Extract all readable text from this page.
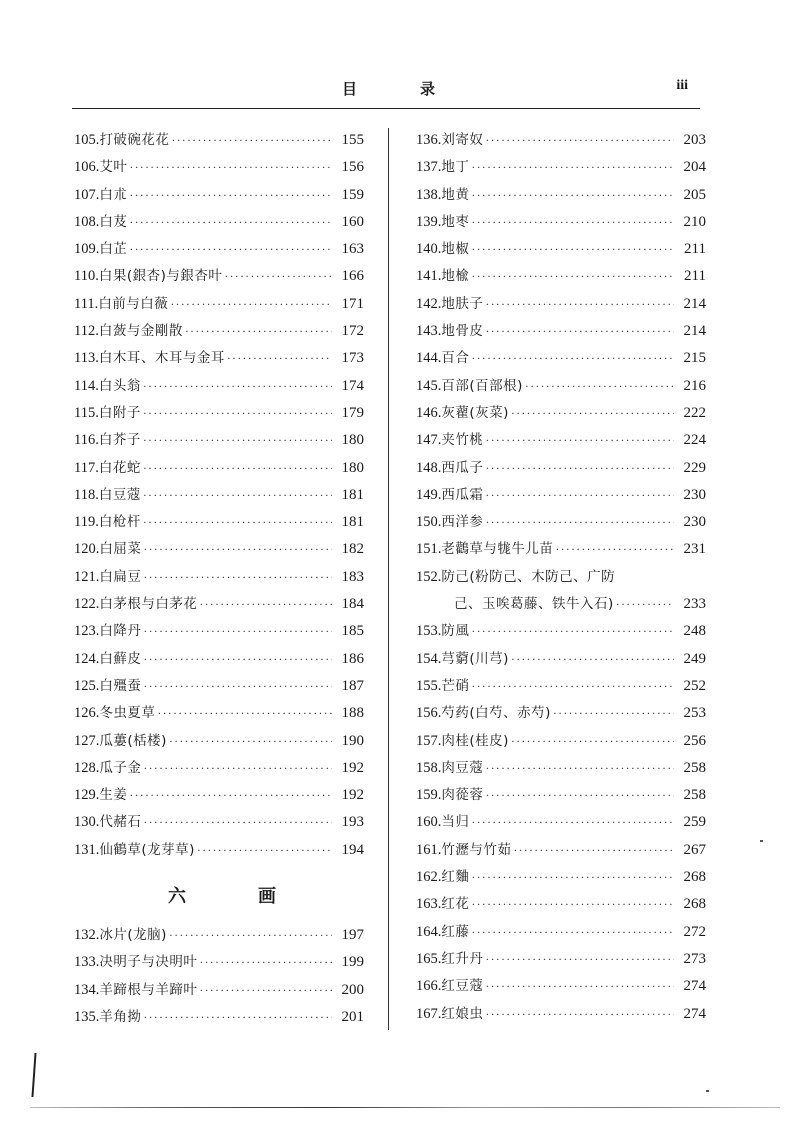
目	录	iii
105. 打破碗花花 ·····	155
106. 艾叶 ·····	156
107. 白朮 ·····	159
108. 白芨 ·····	160
109. 白芷 ·····	163
110. 白果(銀杏)与銀杏叶 ·····	166
111. 白前与白薇 ·····	171
112. 白蔹与金剛散 ·····	172
113. 白木耳、木耳与金耳 ·····	173
114. 白头翁 ·····	174
115. 白附子 ·····	179
116. 白芥子 ·····	180
117. 白花蛇 ·····	180
118. 白豆蔻 ·····	181
119. 白枪杆 ·····	181
120. 白屈菜 ·····	182
121. 白扁豆 ·····	183
122. 白茅根与白茅花 ·····	184
123. 白降丹 ·····	185
124. 白蘚皮 ·····	186
125. 白殭蚕 ·····	187
126. 冬虫夏草 ·····	188
127. 瓜蔞(栝楼) ·····	190
128. 瓜子金 ·····	192
129. 生姜 ·····	192
130. 代赭石 ·····	193
131. 仙鶴草(龙芽草) ·····	194
六	画
132. 冰片(龙脑) ·····	197
133. 决明子与决明叶 ·····	199
134. 羊蹄根与羊蹄叶 ·····	200
135. 羊角拗 ·····	201
136. 刘寄奴 ·····	203
137. 地丁 ·····	204
138. 地黄 ·····	205
139. 地枣 ·····	210
140. 地椒 ·····	211
141. 地楡 ·····	211
142. 地肤子 ·····	214
143. 地骨皮 ·····	214
144. 百合 ·····	215
145. 百部(百部根) ·····	216
146. 灰藋(灰菜) ·····	222
147. 夹竹桃 ·····	224
148. 西瓜子 ·····	229
149. 西瓜霜 ·····	230
150. 西洋参 ·····	230
151. 老鸛草与牻牛儿苗 ·····	231
152. 防己(粉防己、木防己、广防
己、玉唉葛藤、铁牛入石) ·····	233
153. 防風 ·····	248
154. 芎藭(川芎) ·····	249
155. 芒硝 ·····	252
156. 芍药(白芍、赤芍) ·····	253
157. 肉桂(桂皮) ·····	256
158. 肉豆蔻 ·····	258
159. 肉蓯蓉 ·····	258
160. 当归 ·····	259
161. 竹瀝与竹茹 ·····	267
162. 红麯 ·····	268
163. 红花 ·····	268
164. 红藤 ·····	272
165. 红升丹 ·····	273
166. 红豆蔻 ·····	274
167. 红娘虫 ·····	274
